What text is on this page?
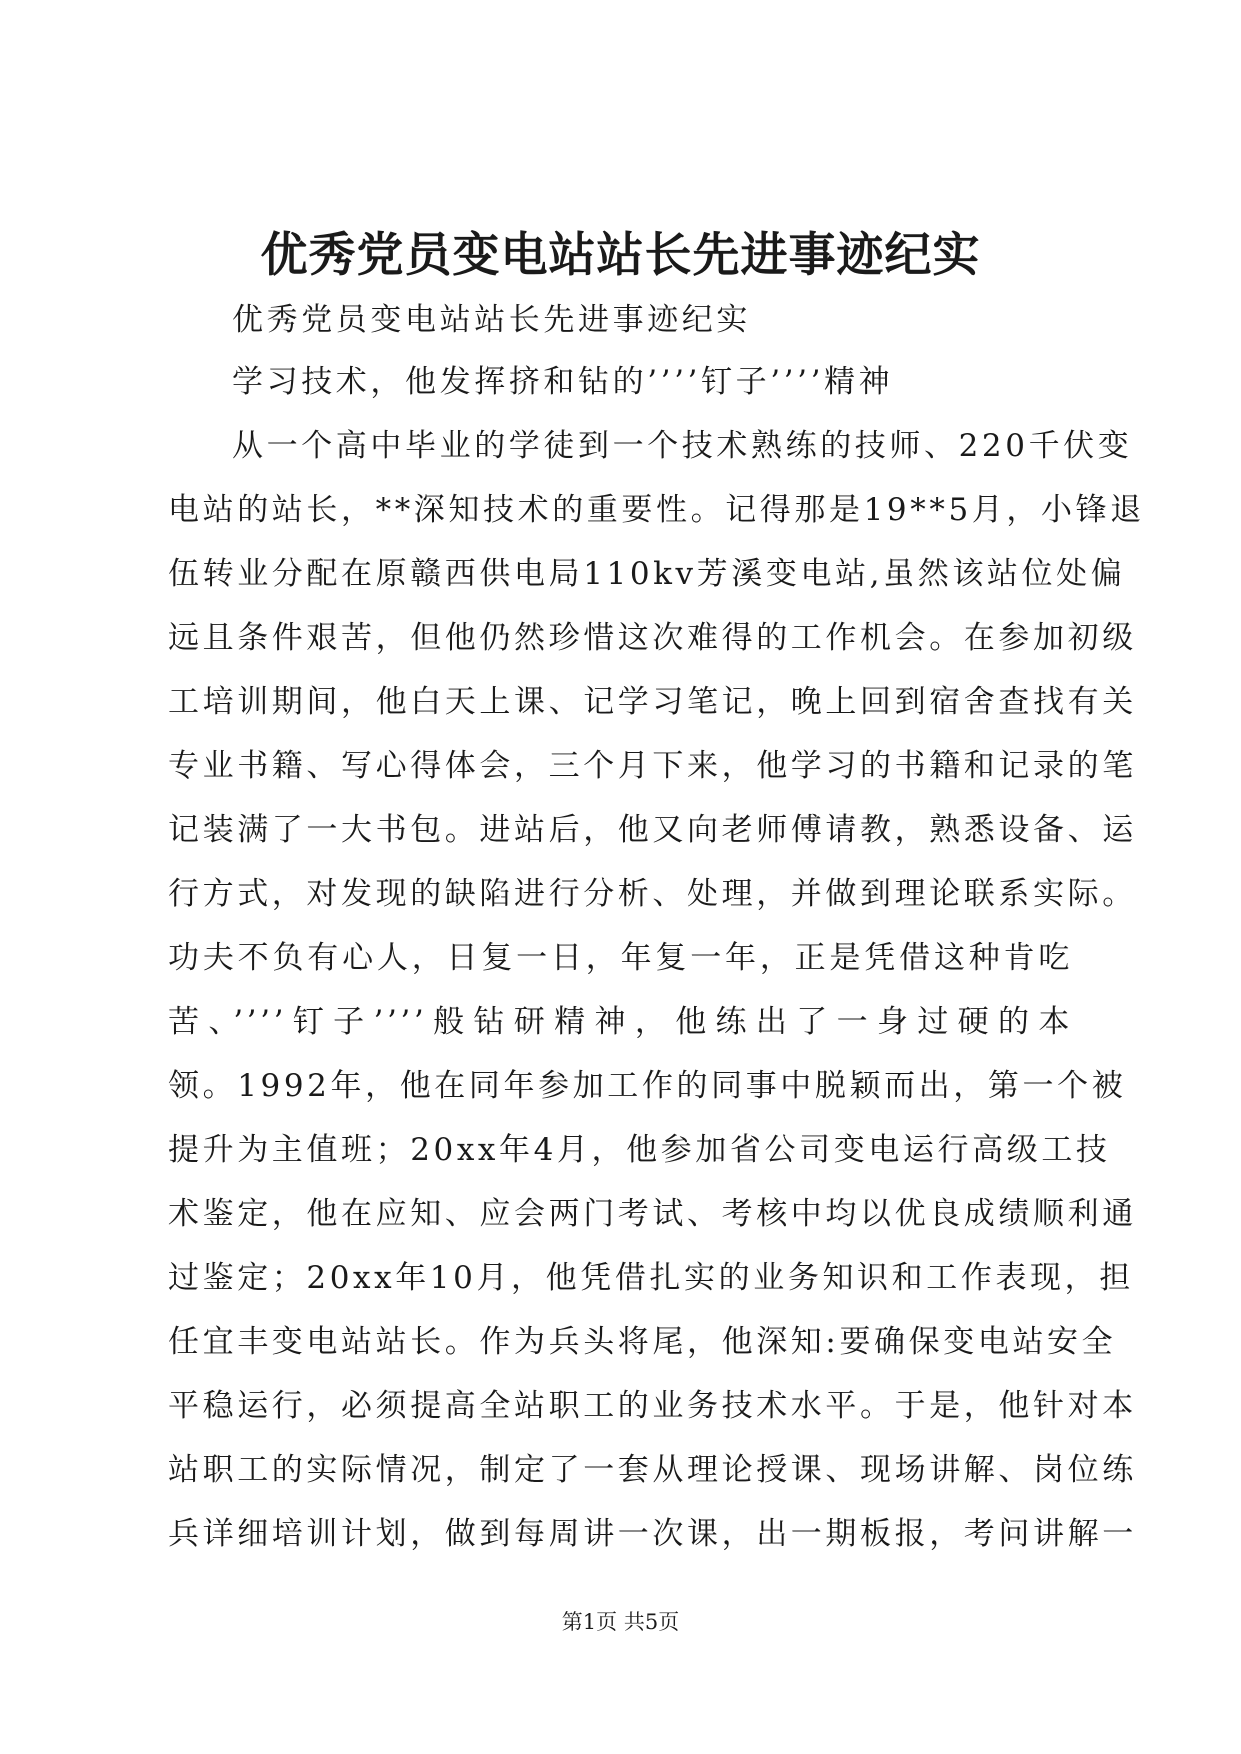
优秀党员变电站站长先进事迹纪实
优秀党员变电站站长先进事迹纪实
学习技术，他发挥挤和钻的’’’’钉子’’’’精神
从一个高中毕业的学徒到一个技术熟练的技师、220千伏变
电站的站长，**深知技术的重要性。记得那是19**5月，小锋退
伍转业分配在原赣西供电局110kv芳溪变电站,虽然该站位处偏
远且条件艰苦，但他仍然珍惜这次难得的工作机会。在参加初级
工培训期间，他白天上课、记学习笔记，晚上回到宿舍查找有关
专业书籍、写心得体会，三个月下来，他学习的书籍和记录的笔
记装满了一大书包。进站后，他又向老师傅请教，熟悉设备、运
行方式，对发现的缺陷进行分析、处理，并做到理论联系实际。
功夫不负有心人，日复一日，年复一年，正是凭借这种肯吃
苦、’’’’钉子’’’’般钻研精神，他练出了一身过硬的本
领。1992年，他在同年参加工作的同事中脱颖而出，第一个被
提升为主值班；20xx年4月，他参加省公司变电运行高级工技
术鉴定，他在应知、应会两门考试、考核中均以优良成绩顺利通
过鉴定；20xx年10月，他凭借扎实的业务知识和工作表现，担
任宜丰变电站站长。作为兵头将尾，他深知:要确保变电站安全
平稳运行，必须提高全站职工的业务技术水平。于是，他针对本
站职工的实际情况，制定了一套从理论授课、现场讲解、岗位练
兵详细培训计划，做到每周讲一次课，出一期板报，考问讲解一
第1页 共5页
